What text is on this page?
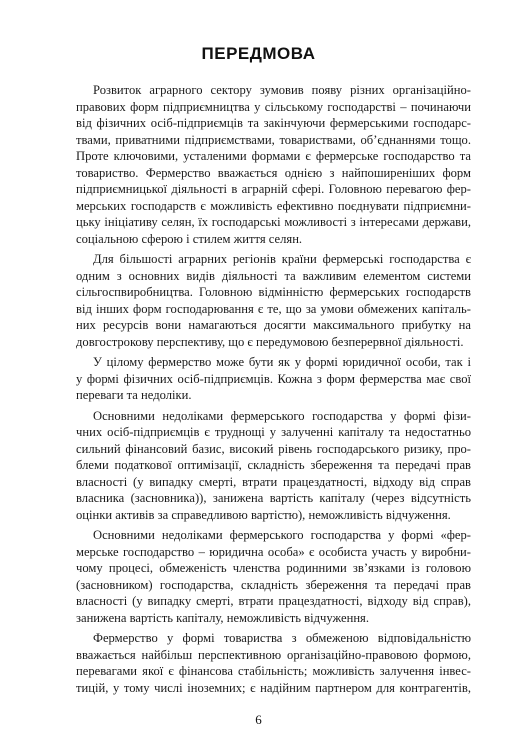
ПЕРЕДМОВА
Розвиток аграрного сектору зумовив появу різних організаційно-
правових форм підприємництва у сільському господарстві – починаючи
від фізичних осіб-підприємців та закінчуючи фермерськими господарс-
твами, приватними підприємствами, товариствами, об’єднаннями тощо.
Проте ключовими, усталеними формами є фермерське господарство та
товариство. Фермерство вважається однією з найпоширеніших форм
підприємницької діяльності в аграрній сфері. Головною перевагою фер-
мерських господарств є можливість ефективно поєднувати підприємни-
цьку ініціативу селян, їх господарські можливості з інтересами держави,
соціальною сферою і стилем життя селян.
Для більшості аграрних регіонів країни фермерські господарства є
одним з основних видів діяльності та важливим елементом системи
сільгоспвиробництва. Головною відмінністю фермерських господарств
від інших форм господарювання є те, що за умови обмежених капіталь-
них ресурсів вони намагаються досягти максимального прибутку на
довгострокову перспективу, що є передумовою безперервної діяльності.
У цілому фермерство може бути як у формі юридичної особи, так і
у формі фізичних осіб-підприємців. Кожна з форм фермерства має свої
переваги та недоліки.
Основними недоліками фермерського господарства у формі фізи-
чних осіб-підприємців є труднощі у залученні капіталу та недостатньо
сильний фінансовий базис, високий рівень господарського ризику, про-
блеми податкової оптимізації, складність збереження та передачі прав
власності (у випадку смерті, втрати працездатності, відходу від справ
власника (засновника)), занижена вартість капіталу (через відсутність
оцінки активів за справедливою вартістю), неможливість відчуження.
Основними недоліками фермерського господарства у формі «фер-
мерське господарство – юридична особа» є особиста участь у виробни-
чому процесі, обмеженість членства родинними зв’язками із головою
(засновником) господарства, складність збереження та передачі прав
власності (у випадку смерті, втрати працездатності, відходу від справ),
занижена вартість капіталу, неможливість відчуження.
Фермерство у формі товариства з обмеженою відповідальністю
вважається найбільш перспективною організаційно-правовою формою,
перевагами якої є фінансова стабільність; можливість залучення інвес-
тицій, у тому числі іноземних; є надійним партнером для контрагентів,
6
